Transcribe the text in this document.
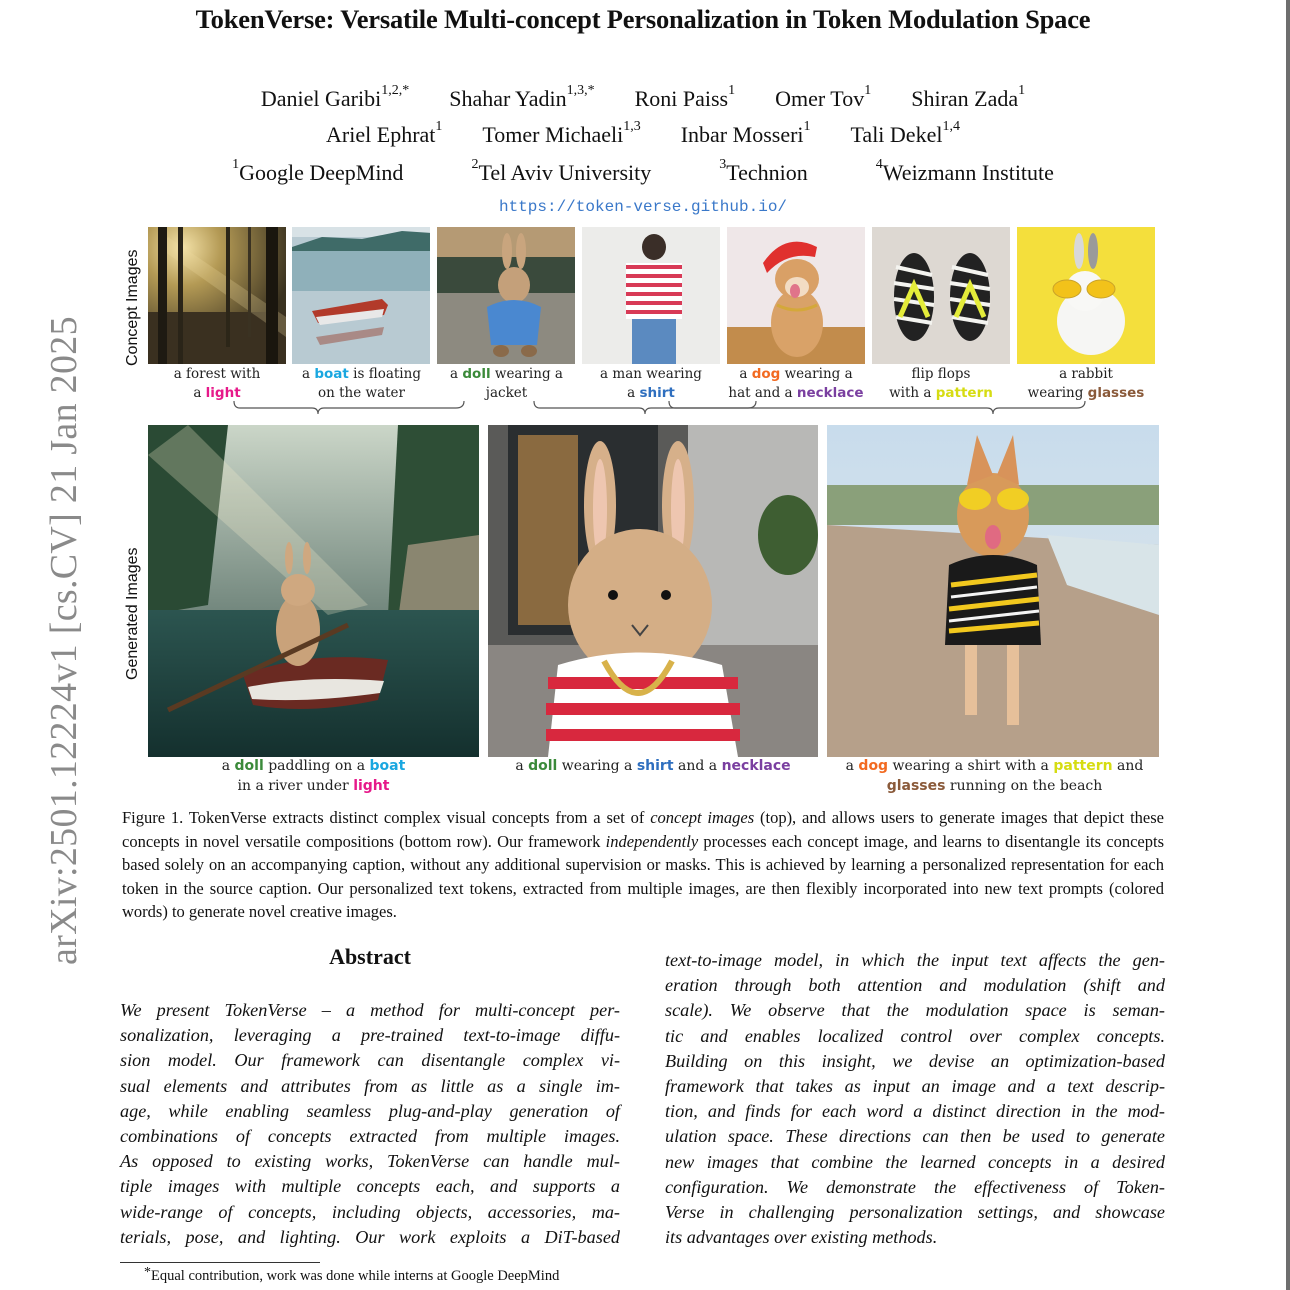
arXiv:2501.12224v1 [cs.CV] 21 Jan 2025
TokenVerse: Versatile Multi-concept Personalization in Token Modulation Space
Daniel Garibi$^{1,2,*}$ Shahar Yadin$^{1,3,*}$ Roni Paiss$^1$ Omer Tov$^1$ Shiran Zada$^1$
Ariel Ephrat$^1$ Tomer Michaeli$^{1,3}$ Inbar Mosseri$^1$ Tali Dekel$^{1,4}$
$^1$Google DeepMind	$^2$Tel Aviv University	$^3$Technion	$^4$Weizmann Institute
https://token-verse.github.io/
Concept Images
Generated Images
a forest with
a light
a boat is floating
on the water
a doll wearing a
jacket
a man wearing
a shirt
a dog wearing a
hat and a necklace
flip flops
with a pattern
a rabbit
wearing glasses
a doll paddling on a boat
in a river under light
a doll wearing a shirt and a necklace	a dog wearing a shirt with a pattern and
glasses running on the beach
Figure 1. TokenVerse extracts distinct complex visual concepts from a set of concept images (top), and allows users to generate images that depict these concepts in novel versatile compositions (bottom row). Our framework independently processes each concept image, and learns to disentangle its concepts based solely on an accompanying caption, without any additional supervision or masks. This is achieved by learning a personalized representation for each token in the source caption. Our personalized text tokens, extracted from multiple images, are then flexibly incorporated into new text prompts (colored words) to generate novel creative images.
Abstract
We present TokenVerse – a method for multi-concept per-
sonalization, leveraging a pre-trained text-to-image diffu-
sion model. Our framework can disentangle complex vi-
sual elements and attributes from as little as a single im-
age, while enabling seamless plug-and-play generation of
combinations of concepts extracted from multiple images.
As opposed to existing works, TokenVerse can handle mul-
tiple images with multiple concepts each, and supports a
wide-range of concepts, including objects, accessories, ma-
terials, pose, and lighting. Our work exploits a DiT-based
text-to-image model, in which the input text affects the gen-
eration through both attention and modulation (shift and
scale). We observe that the modulation space is seman-
tic and enables localized control over complex concepts.
Building on this insight, we devise an optimization-based
framework that takes as input an image and a text descrip-
tion, and finds for each word a distinct direction in the mod-
ulation space. These directions can then be used to generate
new images that combine the learned concepts in a desired
configuration. We demonstrate the effectiveness of Token-
Verse in challenging personalization settings, and showcase
its advantages over existing methods.
*Equal contribution, work was done while interns at Google DeepMind
